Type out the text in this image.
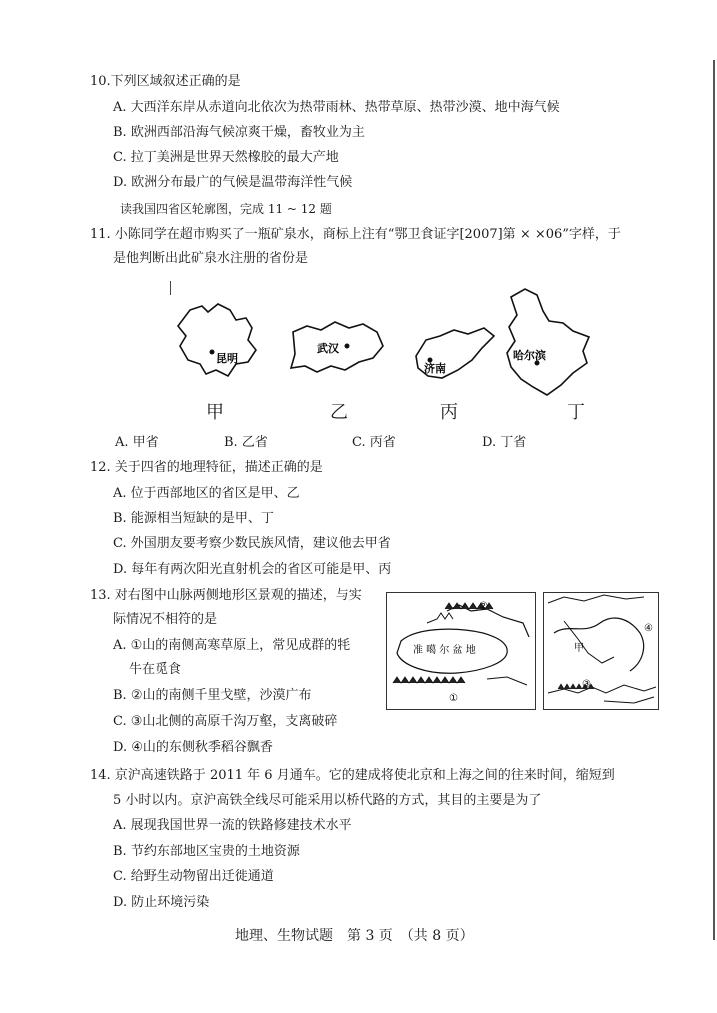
10.下列区域叙述正确的是
A. 大西洋东岸从赤道向北依次为热带雨林、热带草原、热带沙漠、地中海气候
B. 欧洲西部沿海气候凉爽干燥，畜牧业为主
C. 拉丁美洲是世界天然橡胶的最大产地
D. 欧洲分布最广的气候是温带海洋性气候
读我国四省区轮廓图，完成 11 ~ 12 题
11. 小陈同学在超市购买了一瓶矿泉水，商标上注有“鄂卫食证字[2007]第 × ×06”字样，于
是他判断出此矿泉水注册的省份是
昆明
武汉
济南
哈尔滨
甲	乙	丙	丁
A. 甲省	B. 乙省	C. 丙省	D. 丁省
12. 关于四省的地理特征，描述正确的是
A. 位于西部地区的省区是甲、乙
B. 能源相当短缺的是甲、丁
C. 外国朋友要考察少数民族风情，建议他去甲省
D. 每年有两次阳光直射机会的省区可能是甲、丙
13. 对右图中山脉两侧地形区景观的描述，与实
际情况不相符的是
A. ①山的南侧高寒草原上，常见成群的牦
牛在觅食
B. ②山的南侧千里戈壁，沙漠广布
C. ③山北侧的高原千沟万壑，支离破碎
D. ④山的东侧秋季稻谷飘香
准 噶 尔 盆 地
②
①
甲
④
③
14. 京沪高速铁路于 2011 年 6 月通车。它的建成将使北京和上海之间的往来时间，缩短到
5 小时以内。京沪高铁全线尽可能采用以桥代路的方式，其目的主要是为了
A. 展现我国世界一流的铁路修建技术水平
B. 节约东部地区宝贵的土地资源
C. 给野生动物留出迁徙通道
D. 防止环境污染
地理、生物试题　第 3 页　（共 8 页）
